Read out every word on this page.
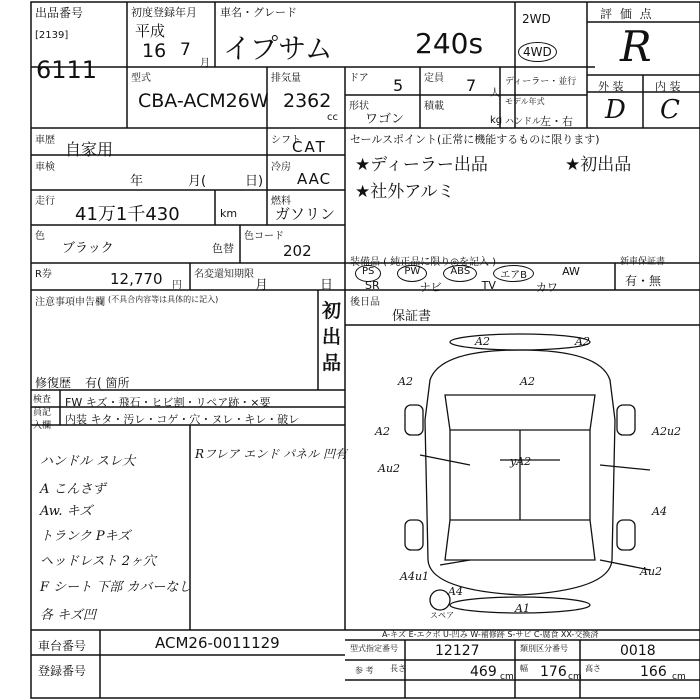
出品番号
[2139]
6111
初度登録年月
平成
16 7
月
車名・グレード
イプサム	240s
2WD
4WD
評 価 点
R
外 装	内 装
D C
型式
CBA-ACM26W
排気量
2362
cc
ドア 5 定員 7 人
ディーラー・並行
形状
ワゴン
積載
kg
モデル年式
ハンドル
左・右
車歴 自家用	シフト
CAT
車検
年	月(	日)
冷房
AAC
走行
41万1千430	km
燃料
ガソリン
色
ブラック
色コード
色替	202
R券	12,770 円
名変還知期限
月	日
セールスポイント(正常に機能するものに限ります)
★ディーラー出品	★初出品
★社外アルミ
装備品 ( 純正品に限り◎を記入 )
PS	PW	ABS	エアB	AW
SR	ナビ	TV	カワ
新車保証書
有・無
後日品
保証書
注意事項申告欄 (不具合内容等は具体的に記入)
初出品
修復歴 有( 箇所
検査員記入欄
FW キズ・飛石・ヒビ割・リペア跡・×要
内装 キタ・汚レ・コゲ・穴・ヌレ・キレ・破レ
ハンドル スレ大
A こんさず
Aw. キズ
トランク Pキズ
ヘッドレスト 2ヶ穴
F シート 下部 カバーなし
各 キズ凹
Rフレア エンド パネル 凹有
A2	A2
A2	A2
yA2
Au2
A2	A2u2
A4u1
A4
Au2
A1
A4
スペア
A-キズ E-エクボ U-凹み W-補修跡 S-サビ C-腐食 XX-交換済
車台番号	ACM26-0011129
登録番号
型式指定番号	12127	類別区分番号	0018
参 考 長さ	469 cm
幅 176 cm
高さ	166 cm
